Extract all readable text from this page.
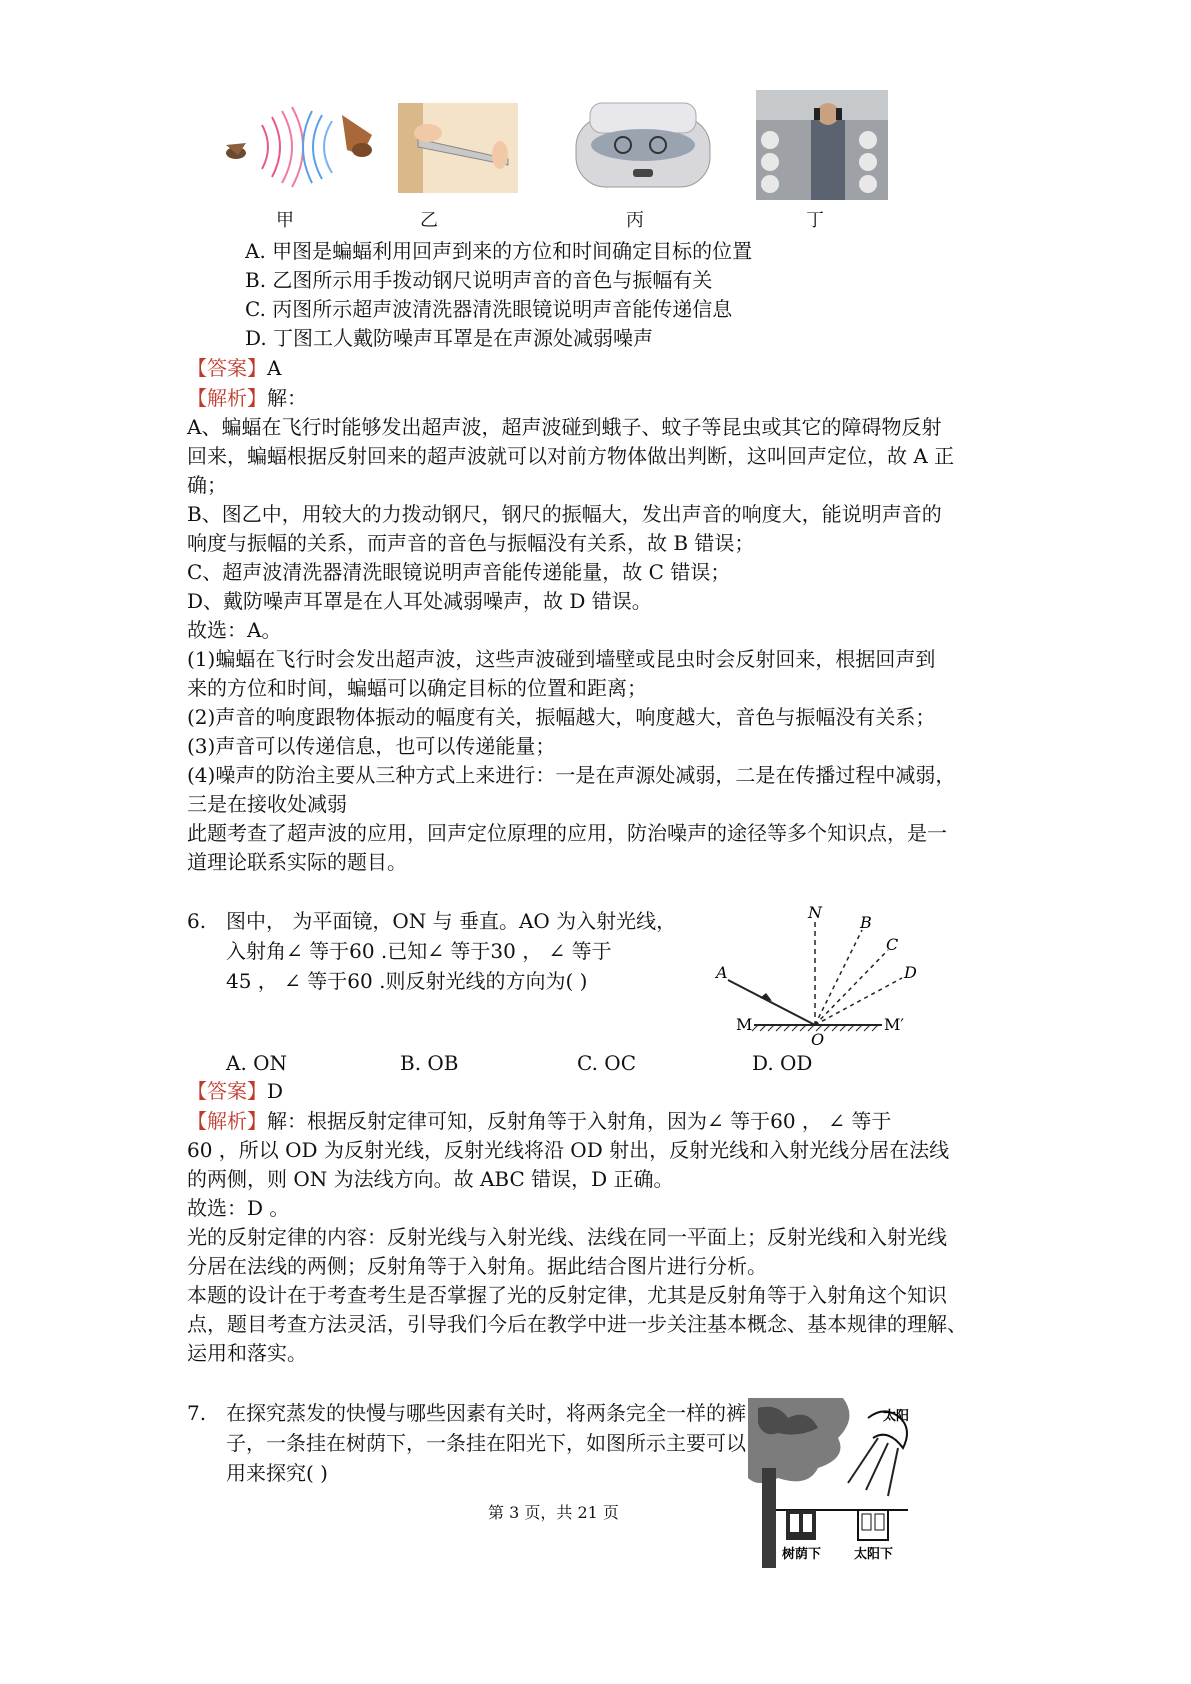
甲	乙	丙	丁
A. 甲图是蝙蝠利用回声到来的方位和时间确定目标的位置
B. 乙图所示用手拨动钢尺说明声音的音色与振幅有关
C. 丙图所示超声波清洗器清洗眼镜说明声音能传递信息
D. 丁图工人戴防噪声耳罩是在声源处减弱噪声
【答案】A
【解析】解：
A、蝙蝠在飞行时能够发出超声波，超声波碰到蛾子、蚊子等昆虫或其它的障碍物反射
回来，蝙蝠根据反射回来的超声波就可以对前方物体做出判断，这叫回声定位，故 A 正
确；
B、图乙中，用较大的力拨动钢尺，钢尺的振幅大，发出声音的响度大，能说明声音的
响度与振幅的关系，而声音的音色与振幅没有关系，故 B 错误；
C、超声波清洗器清洗眼镜说明声音能传递能量，故 C 错误；
D、戴防噪声耳罩是在人耳处减弱噪声，故 D 错误。
故选：A。
(1)蝙蝠在飞行时会发出超声波，这些声波碰到墙壁或昆虫时会反射回来，根据回声到
来的方位和时间，蝙蝠可以确定目标的位置和距离；
(2)声音的响度跟物体振动的幅度有关，振幅越大，响度越大，音色与振幅没有关系；
(3)声音可以传递信息，也可以传递能量；
(4)噪声的防治主要从三种方式上来进行：一是在声源处减弱，二是在传播过程中减弱，
三是在接收处减弱
此题考查了超声波的应用，回声定位原理的应用，防治噪声的途径等多个知识点，是一
道理论联系实际的题目。
6. 图中， 为平面镜，ON 与 垂直。AO 为入射光线，
入射角∠ 等于60 .已知∠ 等于30 ， ∠ 等于
45 ， ∠ 等于60 .则反射光线的方向为( )
N
B
C
D
A
M	M′
O
A. ON	B. OB	C. OC	D. OD
【答案】D
【解析】解：根据反射定律可知，反射角等于入射角，因为∠ 等于60 ， ∠ 等于
60 ，所以 OD 为反射光线，反射光线将沿 OD 射出，反射光线和入射光线分居在法线
的两侧，则 ON 为法线方向。故 ABC 错误，D 正确。
故选：D 。
光的反射定律的内容：反射光线与入射光线、法线在同一平面上；反射光线和入射光线
分居在法线的两侧；反射角等于入射角。据此结合图片进行分析。
本题的设计在于考查考生是否掌握了光的反射定律，尤其是反射角等于入射角这个知识
点，题目考查方法灵活，引导我们今后在教学中进一步关注基本概念、基本规律的理解、
运用和落实。
7. 在探究蒸发的快慢与哪些因素有关时，将两条完全一样的裤
子，一条挂在树荫下，一条挂在阳光下，如图所示主要可以
用来探究( )
太阳
树荫下	太阳下
第 3 页，共 21 页
